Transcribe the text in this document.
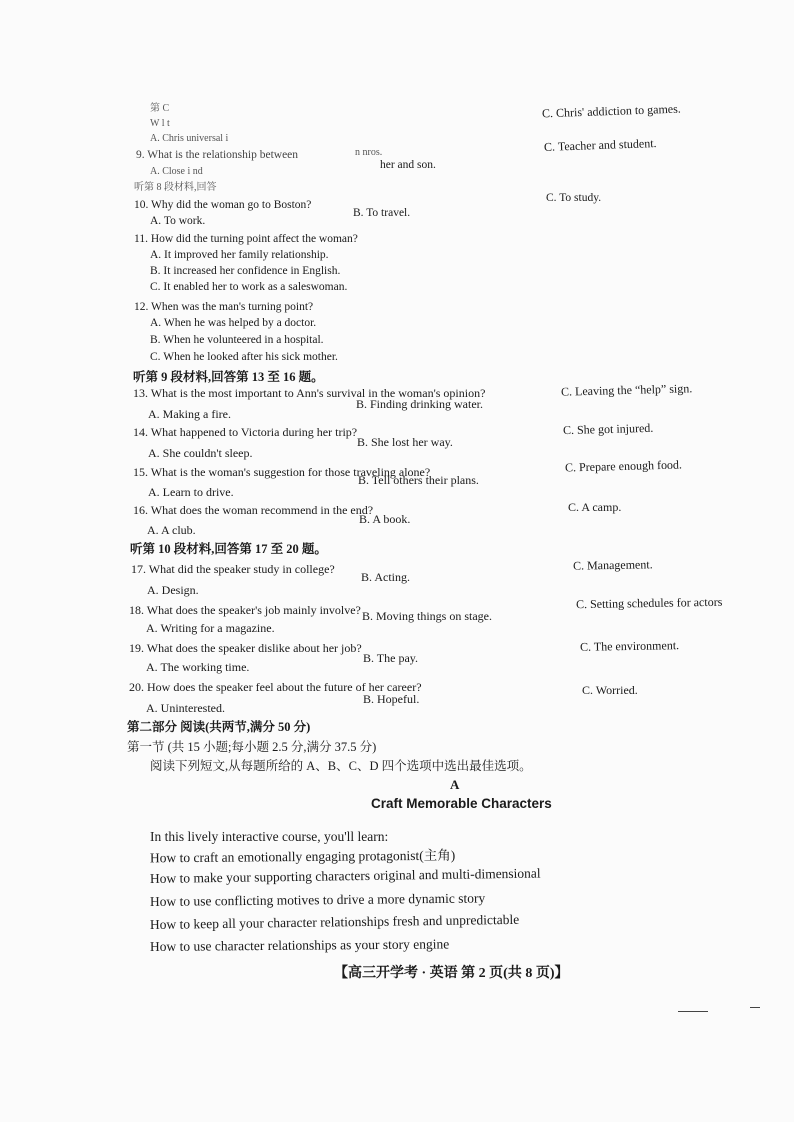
第 C
W l t
A. Chris universal i
9. What is the relationship between	n nros.
her and son.
A. Close i nd
听第 8 段材料,回答
C. Chris' addiction to games.
C. Teacher and student.
10. Why did the woman go to Boston?
A. To work.
B. To travel.
C. To study.
11. How did the turning point affect the woman?
A. It improved her family relationship.
B. It increased her confidence in English.
C. It enabled her to work as a saleswoman.
12. When was the man's turning point?
A. When he was helped by a doctor.
B. When he volunteered in a hospital.
C. When he looked after his sick mother.
听第 9 段材料,回答第 13 至 16 题。
13. What is the most important to Ann's survival in the woman's opinion?
A. Making a fire.
B. Finding drinking water.
C. Leaving the “help” sign.
14. What happened to Victoria during her trip?
A. She couldn't sleep.
B. She lost her way.
C. She got injured.
15. What is the woman's suggestion for those traveling alone?
A. Learn to drive.
B. Tell others their plans.
C. Prepare enough food.
16. What does the woman recommend in the end?
A. A club.
B. A book.
C. A camp.
听第 10 段材料,回答第 17 至 20 题。
17. What did the speaker study in college?
A. Design.
B. Acting.
C. Management.
18. What does the speaker's job mainly involve?
A. Writing for a magazine.
B. Moving things on stage.
C. Setting schedules for actors
19. What does the speaker dislike about her job?
A. The working time.
B. The pay.
C. The environment.
20. How does the speaker feel about the future of her career?
A. Uninterested.
B. Hopeful.
C. Worried.
第二部分 阅读(共两节,满分 50 分)
第一节 (共 15 小题;每小题 2.5 分,满分 37.5 分)
阅读下列短文,从每题所给的 A、B、C、D 四个选项中选出最佳选项。
A
Craft Memorable Characters
In this lively interactive course, you'll learn:
How to craft an emotionally engaging protagonist(主角)
How to make your supporting characters original and multi-dimensional
How to use conflicting motives to drive a more dynamic story
How to keep all your character relationships fresh and unpredictable
How to use character relationships as your story engine
【高三开学考 · 英语 第 2 页(共 8 页)】
